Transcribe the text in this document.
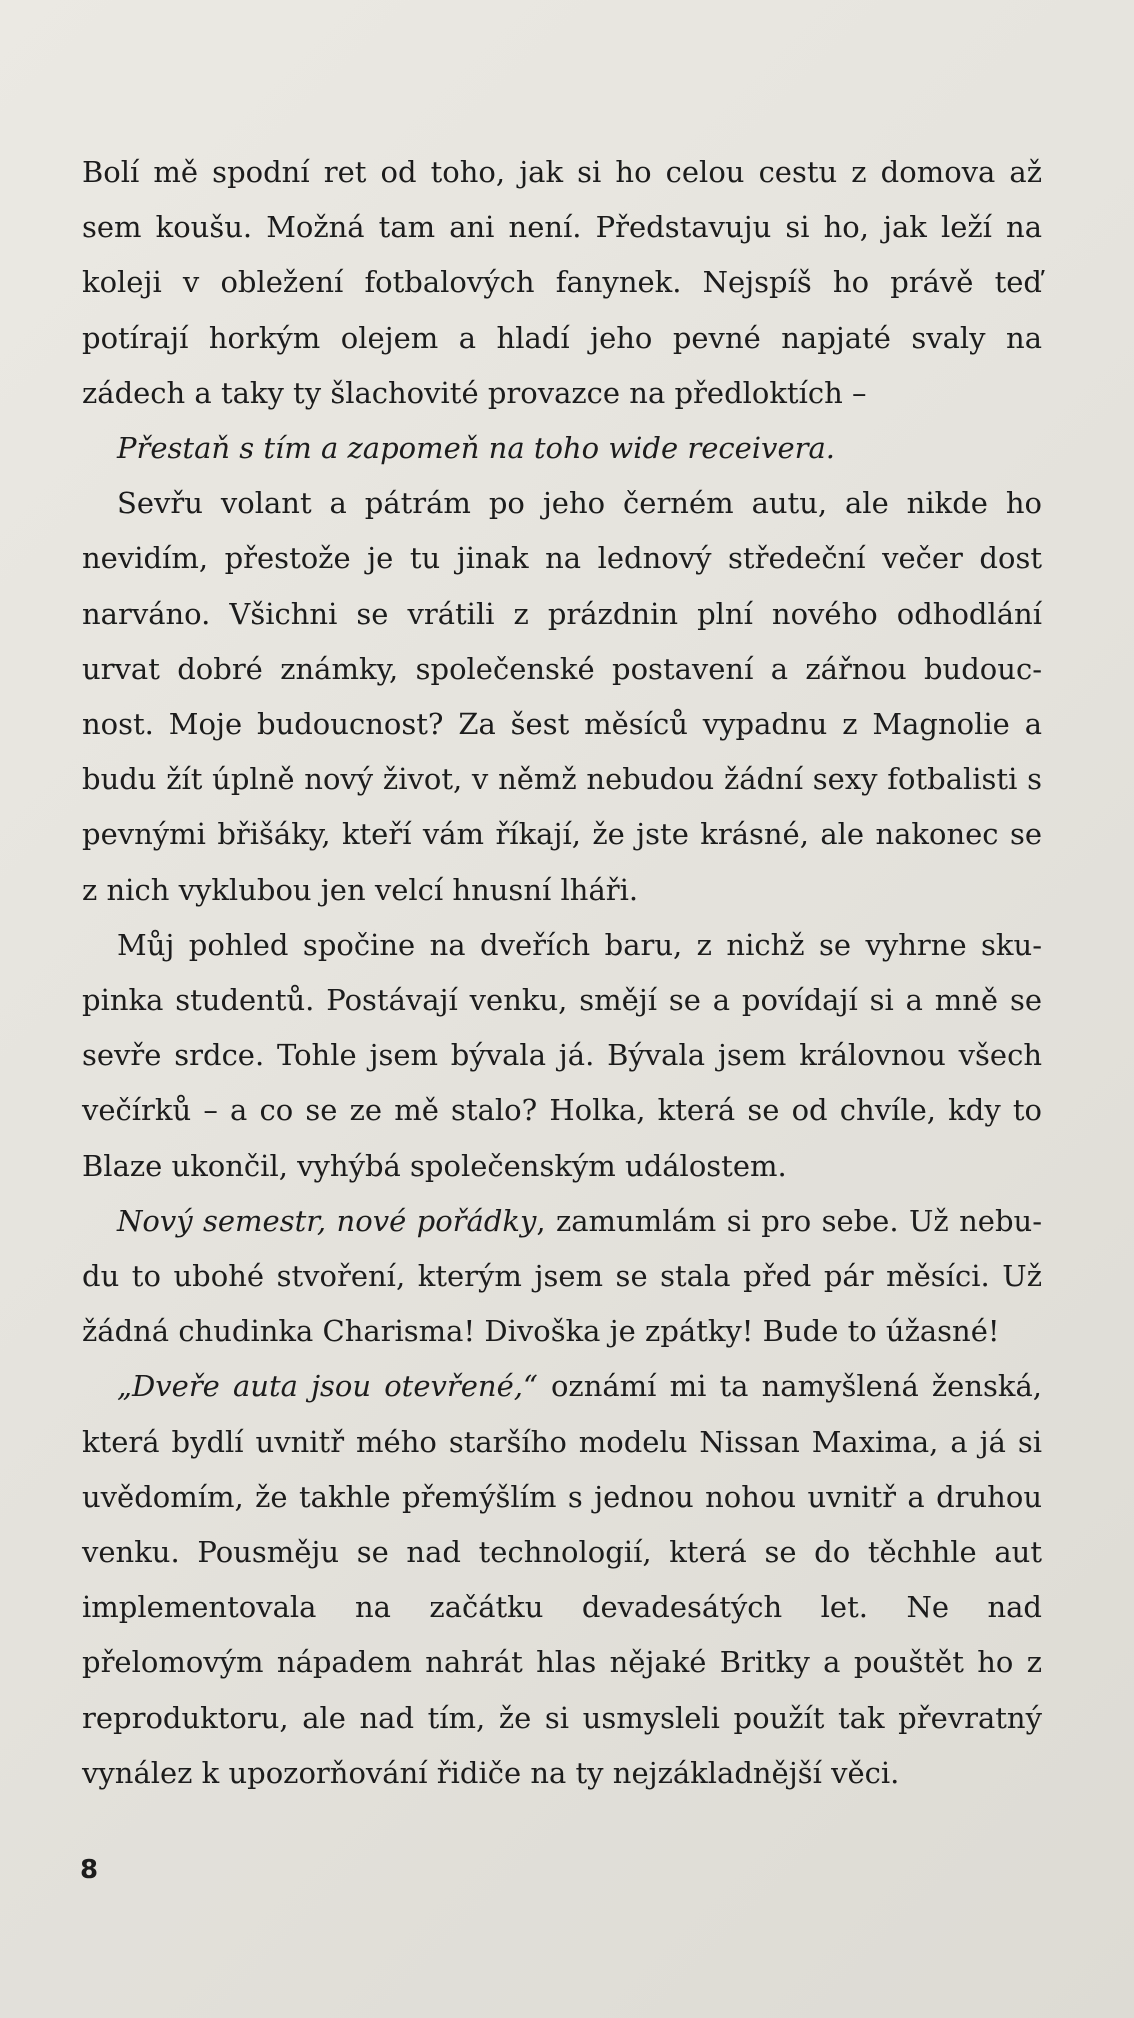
Bolí mě spodní ret od toho, jak si ho celou cestu z domova až sem koušu. Možná tam ani není. Představuju si ho, jak leží na koleji v obležení fotbalových fanynek. Nejspíš ho právě teď potírají horkým olejem a hladí jeho pevné napjaté svaly na zádech a taky ty šlachovité provazce na předloktích –

Přestaň s tím a zapomeň na toho wide receivera.

Sevřu volant a pátrám po jeho černém autu, ale nikde ho nevidím, přestože je tu jinak na lednový středeční večer dost narváno. Všichni se vrátili z prázdnin plní nového odhodlání urvat dobré známky, společenské postavení a zářnou budoucnost. Moje budoucnost? Za šest měsíců vypadnu z Magnolie a budu žít úplně nový život, v němž nebudou žádní sexy fotbalisti s pevnými břišáky, kteří vám říkají, že jste krásné, ale nakonec se z nich vyklubou jen velcí hnusní lháři.

Můj pohled spočine na dveřích baru, z nichž se vyhrne skupinka studentů. Postávají venku, smějí se a povídají si a mně se sevře srdce. Tohle jsem bývala já. Bývala jsem královnou všech večírků – a co se ze mě stalo? Holka, která se od chvíle, kdy to Blaze ukončil, vyhýbá společenským událostem.

Nový semestr, nové pořádky, zamumlám si pro sebe. Už nebudu to ubohé stvoření, kterým jsem se stala před pár měsíci. Už žádná chudinka Charisma! Divoška je zpátky! Bude to úžasné!

„Dveře auta jsou otevřené,“ oznámí mi ta namyšlená ženská, která bydlí uvnitř mého staršího modelu Nissan Maxima, a já si uvědomím, že takhle přemýšlím s jednou nohou uvnitř a druhou venku. Pousměju se nad technologií, která se do těchhle aut implementovala na začátku devadesátých let. Ne nad přelomovým nápadem nahrát hlas nějaké Britky a pouštět ho z reproduktoru, ale nad tím, že si usmysleli použít tak převratný vynález k upozorňování řidiče na ty nejzákladnější věci.

8
